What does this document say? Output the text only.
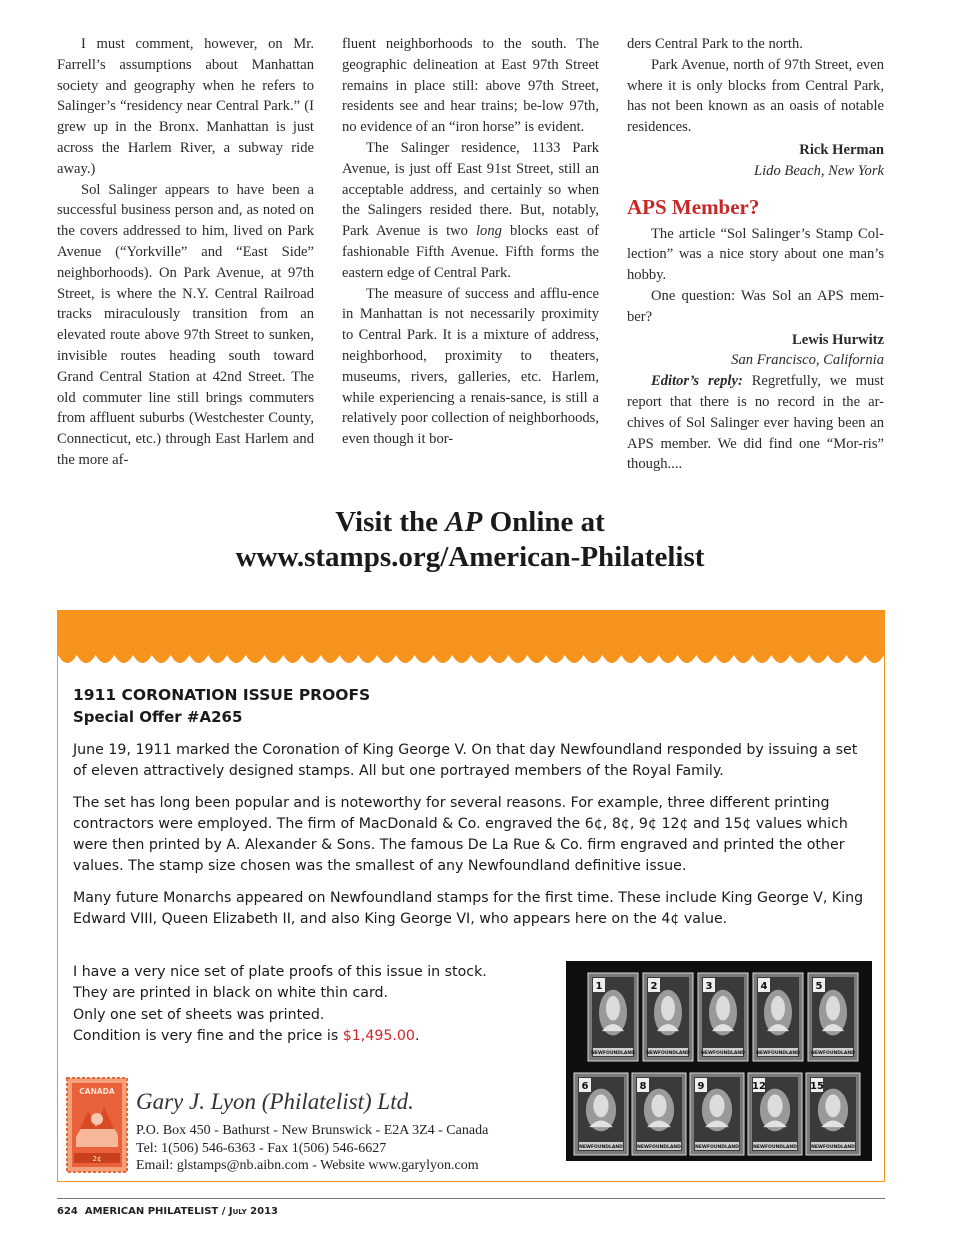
I must comment, however, on Mr. Farrell’s assumptions about Manhattan society and geography when he refers to Salinger’s “residency near Central Park.” (I grew up in the Bronx. Manhattan is just across the Harlem River, a subway ride away.)

Sol Salinger appears to have been a successful business person and, as noted on the covers addressed to him, lived on Park Avenue (“Yorkville” and “East Side” neighborhoods). On Park Avenue, at 97th Street, is where the N.Y. Central Railroad tracks miraculously transition from an elevated route above 97th Street to sunken, invisible routes heading south toward Grand Central Station at 42nd Street. The old commuter line still brings commuters from affluent suburbs (Westchester County, Connecticut, etc.) through East Harlem and the more af-

fluent neighborhoods to the south. The geographic delineation at East 97th Street remains in place still: above 97th Street, residents see and hear trains; be-low 97th, no evidence of an “iron horse” is evident.

The Salinger residence, 1133 Park Avenue, is just off East 91st Street, still an acceptable address, and certainly so when the Salingers resided there. But, notably, Park Avenue is two long blocks east of fashionable Fifth Avenue. Fifth forms the eastern edge of Central Park.

The measure of success and afflu-ence in Manhattan is not necessarily proximity to Central Park. It is a mixture of address, neighborhood, proximity to theaters, museums, rivers, galleries, etc. Harlem, while experiencing a renais-sance, is still a relatively poor collection of neighborhoods, even though it bor-

ders Central Park to the north.

Park Avenue, north of 97th Street, even where it is only blocks from Central Park, has not been known as an oasis of notable residences.

Rick Herman

Lido Beach, New York

APS Member?

The article “Sol Salinger’s Stamp Col-lection” was a nice story about one man’s hobby.

One question: Was Sol an APS mem-ber?

Lewis Hurwitz

San Francisco, California

Editor’s reply: Regretfully, we must report that there is no record in the ar-chives of Sol Salinger ever having been an APS member. We did find one “Mor-ris” though....

Visit the AP Online at
www.stamps.org/American-Philatelist
1911 CORONATION ISSUE PROOFS
Special Offer #A265

June 19, 1911 marked the Coronation of King George V. On that day Newfoundland responded by issuing a set of eleven attractively designed stamps. All but one portrayed members of the Royal Family.

The set has long been popular and is noteworthy for several reasons. For example, three different printing contractors were employed. The firm of MacDonald & Co. engraved the 6¢, 8¢, 9¢ 12¢ and 15¢ values which were then printed by A. Alexander & Sons. The famous De La Rue & Co. firm engraved and printed the other values. The stamp size chosen was the smallest of any Newfoundland definitive issue.

Many future Monarchs appeared on Newfoundland stamps for the first time. These include King George V, King Edward VIII, Queen Elizabeth II, and also King George VI, who appears here on the 4¢ value.

I have a very nice set of plate proofs of this issue in stock.
They are printed in black on white thin card.
Only one set of sheets was printed.
Condition is very fine and the price is $1,495.00.
1
NEWFOUNDLAND
2
NEWFOUNDLAND
3
NEWFOUNDLAND
4
NEWFOUNDLAND
5
NEWFOUNDLAND
6
NEWFOUNDLAND
8
NEWFOUNDLAND
9
NEWFOUNDLAND
12
NEWFOUNDLAND
15
NEWFOUNDLAND
CANADA
2¢
Gary J. Lyon (Philatelist) Ltd.
P.O. Box 450 - Bathurst - New Brunswick - E2A 3Z4 - Canada
Tel: 1(506) 546-6363 - Fax 1(506) 546-6627
Email: glstamps@nb.aibn.com - Website www.garylyon.com
624 AMERICAN PHILATELIST / July 2013
